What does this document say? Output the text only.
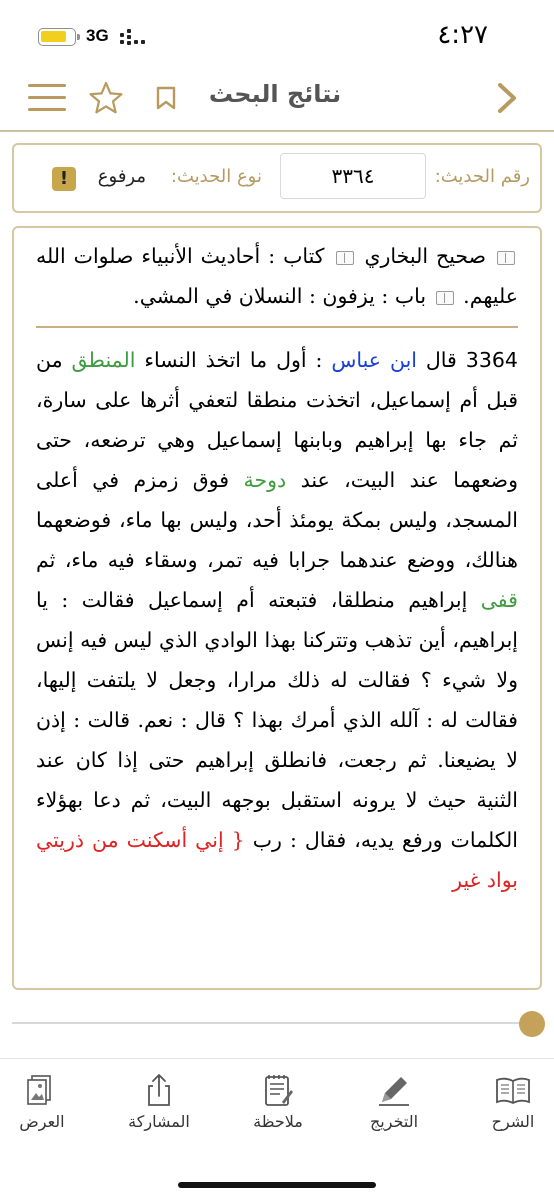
3G	٤:٢٧
نتائج البحث
رقم الحديث:
٣٣٦٤
نوع الحديث:
مرفوع
!
صحيح البخاري  كتاب : أحاديث الأنبياء صلوات الله عليهم.  باب : يزفون : النسلان في المشي.
3364 قال ابن عباس : أول ما اتخذ النساء المنطق من قبل أم إسماعيل، اتخذت منطقا لتعفي أثرها على سارة، ثم جاء بها إبراهيم وبابنها إسماعيل وهي ترضعه، حتى وضعهما عند البيت، عند دوحة فوق زمزم في أعلى المسجد، وليس بمكة يومئذ أحد، وليس بها ماء، فوضعهما هنالك، ووضع عندهما جرابا فيه تمر، وسقاء فيه ماء، ثم قفى إبراهيم منطلقا، فتبعته أم إسماعيل فقالت : يا إبراهيم، أين تذهب وتتركنا بهذا الوادي الذي ليس فيه إنس ولا شيء ؟ فقالت له ذلك مرارا، وجعل لا يلتفت إليها، فقالت له : آلله الذي أمرك بهذا ؟ قال : نعم. قالت : إذن لا يضيعنا. ثم رجعت، فانطلق إبراهيم حتى إذا كان عند الثنية حيث لا يرونه استقبل بوجهه البيت، ثم دعا بهؤلاء الكلمات ورفع يديه، فقال : رب { إني أسكنت من ذريتي بواد غير
العرض	المشاركة	ملاحظة	التخريج	الشرح
